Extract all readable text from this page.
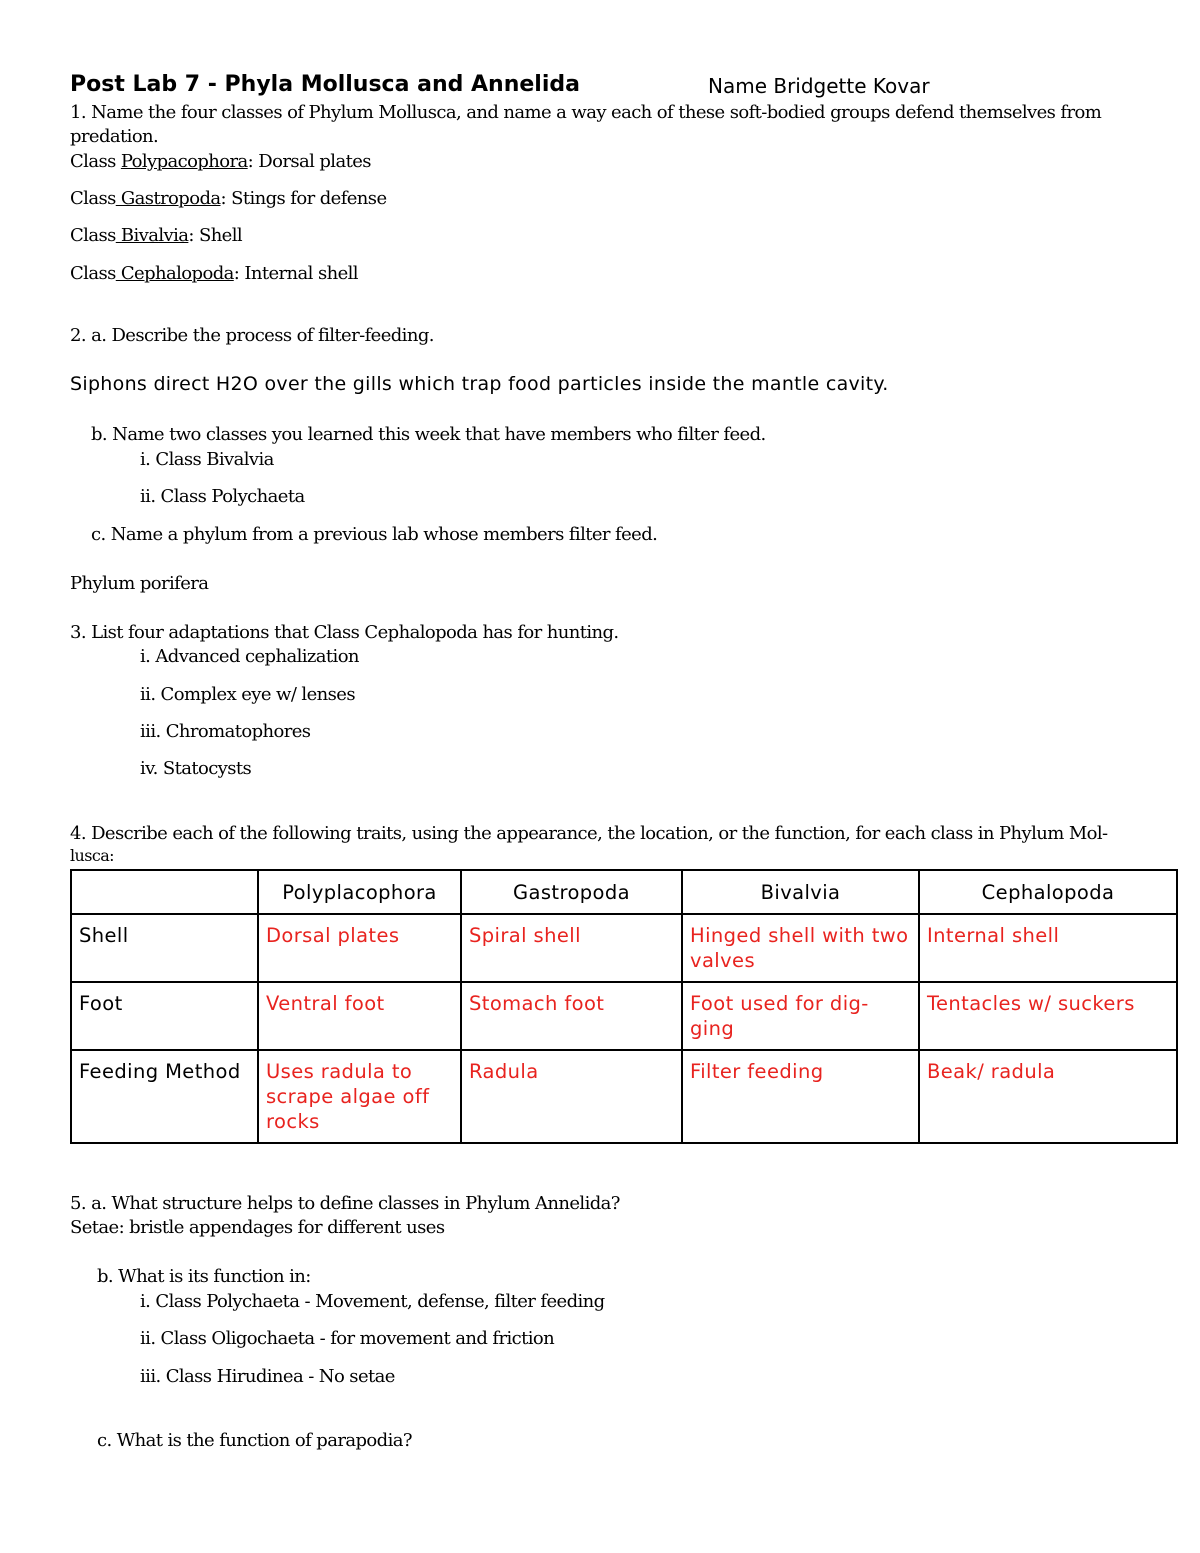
Post Lab 7 - Phyla Mollusca and Annelida	Name Bridgette Kovar
1. Name the four classes of Phylum Mollusca, and name a way each of these soft-bodied groups defend themselves from
predation.
Class Polypacophora: Dorsal plates
Class Gastropoda: Stings for defense
Class Bivalvia: Shell
Class Cephalopoda: Internal shell
2. a. Describe the process of filter-feeding.
Siphons direct H2O over the gills which trap food particles inside the mantle cavity.
b. Name two classes you learned this week that have members who filter feed.
i. Class Bivalvia
ii. Class Polychaeta
c. Name a phylum from a previous lab whose members filter feed.
Phylum porifera
3. List four adaptations that Class Cephalopoda has for hunting.
i. Advanced cephalization
ii. Complex eye w/ lenses
iii. Chromatophores
iv. Statocysts
4. Describe each of the following traits, using the appearance, the location, or the function, for each class in Phylum Mol-
lusca:
	Polyplacophora	Gastropoda	Bivalvia	Cephalopoda
Shell	Dorsal plates	Spiral shell	Hinged shell with two valves	Internal shell
Foot	Ventral foot	Stomach foot	Foot used for dig-ging	Tentacles w/ suckers
Feeding Method	Uses radula to scrape algae off rocks	Radula	Filter feeding	Beak/ radula
5. a. What structure helps to define classes in Phylum Annelida?
Setae: bristle appendages for different uses
b. What is its function in:
i. Class Polychaeta - Movement, defense, filter feeding
ii. Class Oligochaeta - for movement and friction
iii. Class Hirudinea - No setae
c. What is the function of parapodia?
